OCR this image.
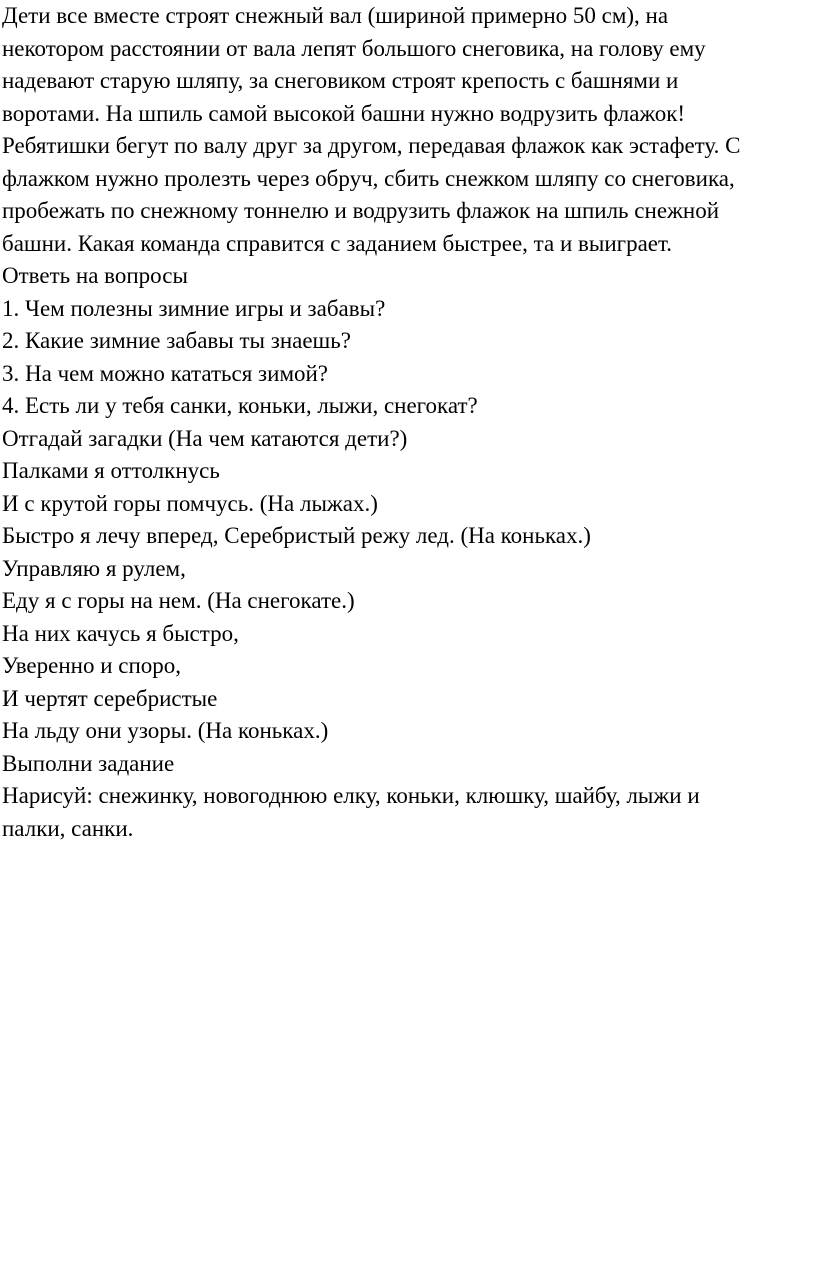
Дети все вместе строят снежный вал (шириной примерно 50 см), на
некотором расстоянии от вала лепят большого снеговика, на голову ему
надевают старую шляпу, за снеговиком строят крепость с башнями и
воротами. На шпиль самой высокой башни нужно водрузить флажок!
Ребятишки бегут по валу друг за другом, передавая флажок как эстафету. С
флажком нужно пролезть через обруч, сбить снежком шляпу со снеговика,
пробежать по снежному тоннелю и водрузить флажок на шпиль снежной
башни. Какая команда справится с заданием быстрее, та и выиграет.
Ответь на вопросы
1. Чем полезны зимние игры и забавы?
2. Какие зимние забавы ты знаешь?
3. На чем можно кататься зимой?
4. Есть ли у тебя санки, коньки, лыжи, снегокат?
Отгадай загадки (На чем катаются дети?)
Палками я оттолкнусь
И с крутой горы помчусь. (На лыжах.)
Быстро я лечу вперед, Серебристый режу лед. (На коньках.)
Управляю я рулем,
Еду я с горы на нем. (На снегокате.)
На них качусь я быстро,
Уверенно и споро,
И чертят серебристые
На льду они узоры. (На коньках.)
Выполни задание
Нарисуй: снежинку, новогоднюю елку, коньки, клюшку, шайбу, лыжи и
палки, санки.
